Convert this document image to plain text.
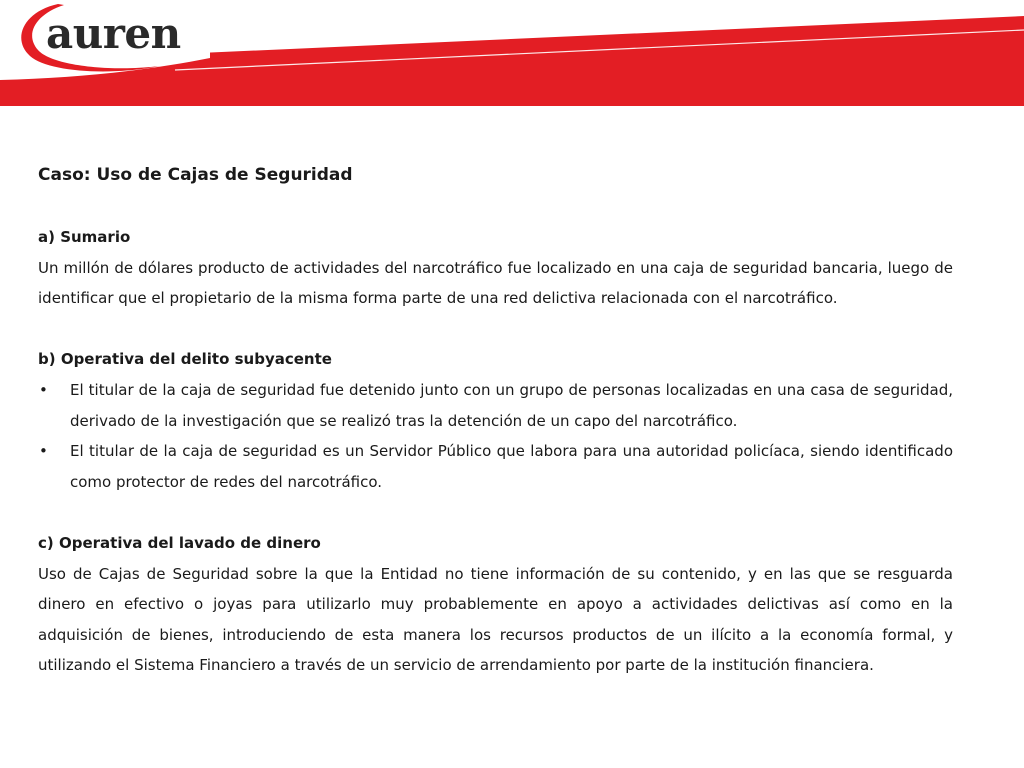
auren

Caso: Uso de Cajas de Seguridad

a) Sumario

Un millón de dólares producto de actividades del narcotráfico fue localizado en una caja de seguridad bancaria, luego de identificar que el propietario de la misma forma parte de una red delictiva relacionada con el narcotráfico.

b) Operativa del delito subyacente

• El titular de la caja de seguridad fue detenido junto con un grupo de personas localizadas en una casa de seguridad, derivado de la investigación que se realizó tras la detención de un capo del narcotráfico.
• El titular de la caja de seguridad es un Servidor Público que labora para una autoridad policíaca, siendo identificado como protector de redes del narcotráfico.

c) Operativa del lavado de dinero

Uso de Cajas de Seguridad sobre la que la Entidad no tiene información de su contenido, y en las que se resguarda dinero en efectivo o joyas para utilizarlo muy probablemente en apoyo a actividades delictivas así como en la adquisición de bienes, introduciendo de esta manera los recursos productos de un ilícito a la economía formal, y utilizando el Sistema Financiero a través de un servicio de arrendamiento por parte de la institución financiera.
